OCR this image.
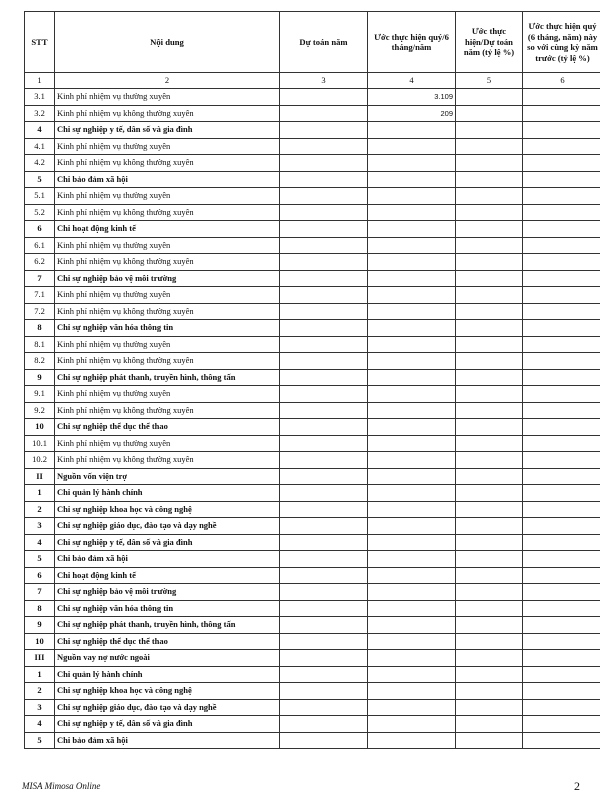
STT	Nội dung	Dự toán năm	Ước thực hiện quý/6 tháng/năm	Ước thực hiện/Dự toán năm (tỷ lệ %)	Ước thực hiện quý (6 tháng, năm) này so với cùng kỳ năm trước (tỷ lệ %)
1	2	3	4	5	6
3.1	Kinh phí nhiệm vụ thường xuyên		3.109		
3.2	Kinh phí nhiệm vụ không thường xuyên		209		
4	Chi sự nghiệp y tế, dân số và gia đình				
4.1	Kinh phí nhiệm vụ thường xuyên				
4.2	Kinh phí nhiệm vụ không thường xuyên				
5	Chi bảo đảm xã hội				
5.1	Kinh phí nhiệm vụ thường xuyên				
5.2	Kinh phí nhiệm vụ không thường xuyên				
6	Chi hoạt động kinh tế				
6.1	Kinh phí nhiệm vụ thường xuyên				
6.2	Kinh phí nhiệm vụ không thường xuyên				
7	Chi sự nghiệp bảo vệ môi trường				
7.1	Kinh phí nhiệm vụ thường xuyên				
7.2	Kinh phí nhiệm vụ không thường xuyên				
8	Chi sự nghiệp văn hóa thông tin				
8.1	Kinh phí nhiệm vụ thường xuyên				
8.2	Kinh phí nhiệm vụ không thường xuyên				
9	Chi sự nghiệp phát thanh, truyền hình, thông tấn				
9.1	Kinh phí nhiệm vụ thường xuyên				
9.2	Kinh phí nhiệm vụ không thường xuyên				
10	Chi sự nghiệp thể dục thể thao				
10.1	Kinh phí nhiệm vụ thường xuyên				
10.2	Kinh phí nhiệm vụ không thường xuyên				
II	Nguồn vốn viện trợ				
1	Chi quản lý hành chính				
2	Chi sự nghiệp khoa học và công nghệ				
3	Chi sự nghiệp giáo dục, đào tạo và dạy nghề				
4	Chi sự nghiệp y tế, dân số và gia đình				
5	Chi bảo đảm xã hội				
6	Chi hoạt động kinh tế				
7	Chi sự nghiệp bảo vệ môi trường				
8	Chi sự nghiệp văn hóa thông tin				
9	Chi sự nghiệp phát thanh, truyền hình, thông tấn				
10	Chi sự nghiệp thể dục thể thao				
III	Nguồn vay nợ nước ngoài				
1	Chi quản lý hành chính				
2	Chi sự nghiệp khoa học và công nghệ				
3	Chi sự nghiệp giáo dục, đào tạo và dạy nghề				
4	Chi sự nghiệp y tế, dân số và gia đình				
5	Chi bảo đảm xã hội				
MISA Mimosa Online	2
